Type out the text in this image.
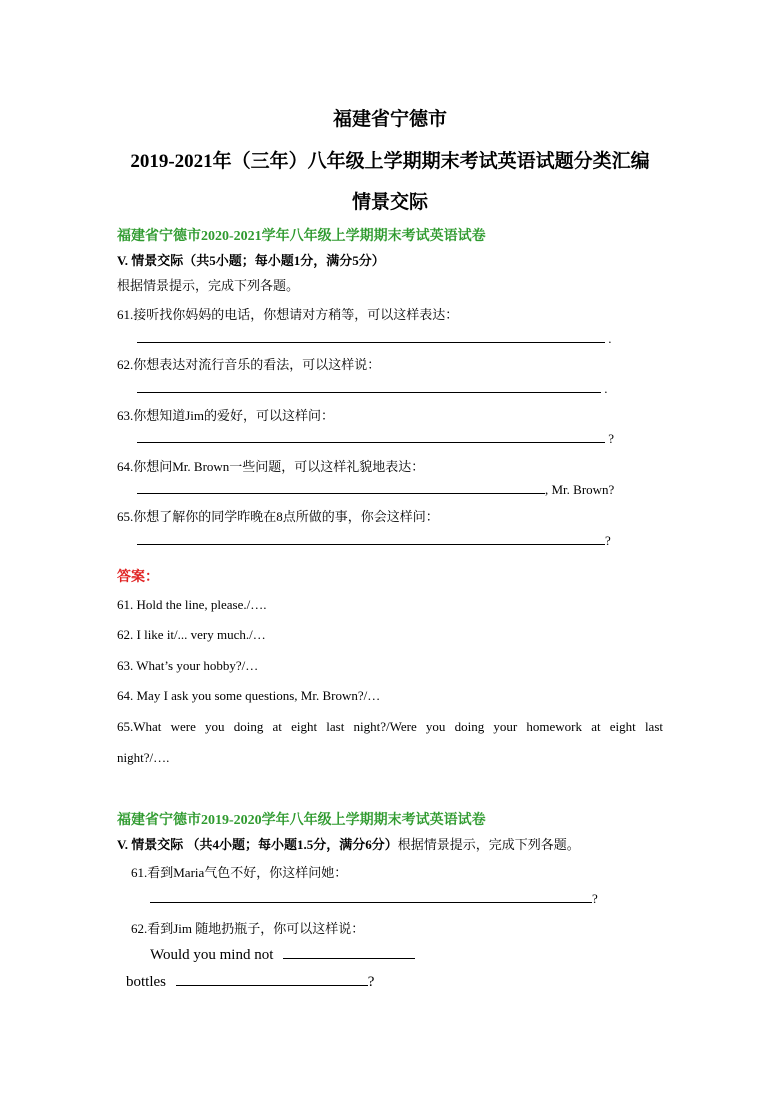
福建省宁德市
2019-2021年（三年）八年级上学期期末考试英语试题分类汇编
情景交际
福建省宁德市2020-2021学年八年级上学期期末考试英语试卷
V. 情景交际（共5小题；每小题1分，满分5分）
根据情景提示，完成下列各题。
61.接听找你妈妈的电话，你想请对方稍等，可以这样表达：
.
62.你想表达对流行音乐的看法，可以这样说：
.
63.你想知道Jim的爱好，可以这样问：
?
64.你想问Mr. Brown一些问题，可以这样礼貌地表达：
, Mr. Brown?
65.你想了解你的同学昨晚在8点所做的事，你会这样问：
?
答案：
61. Hold the line, please./….
62. I like it/... very much./…
63. What’s your hobby?/…
64. May I ask you some questions, Mr. Brown?/…
65.What were you doing at eight last night?/Were you doing your homework at eight last
night?/….
福建省宁德市2019-2020学年八年级上学期期末考试英语试卷
V. 情景交际 （共4小题；每小题1.5分，满分6分）根据情景提示，完成下列各题。
61.看到Maria气色不好，你这样问她：
?
62.看到Jim 随地扔瓶子，你可以这样说：
Would you mind not
bottles	?
